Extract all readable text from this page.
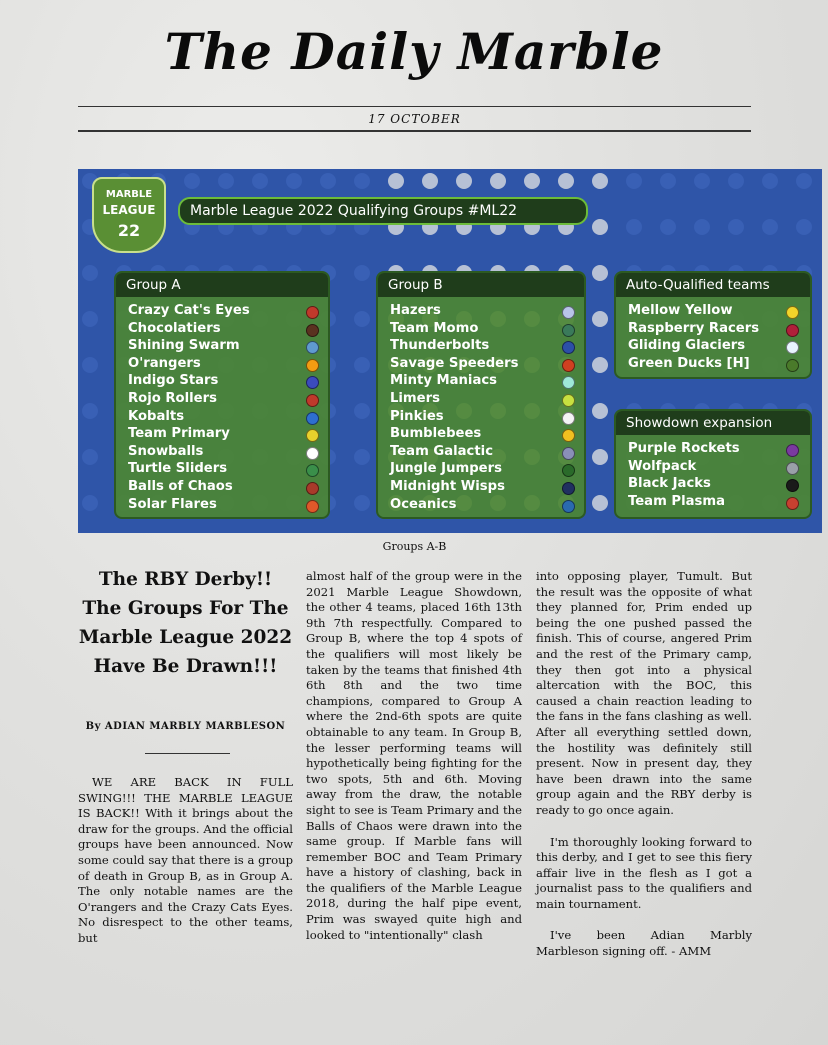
The Daily Marble
17 OCTOBER
MARBLE
LEAGUE
22
Marble League 2022 Qualifying Groups #ML22
Group A
Crazy Cat's Eyes
Chocolatiers
Shining Swarm
O'rangers
Indigo Stars
Rojo Rollers
Kobalts
Team Primary
Snowballs
Turtle Sliders
Balls of Chaos
Solar Flares
Group B
Hazers
Team Momo
Thunderbolts
Savage Speeders
Minty Maniacs
Limers
Pinkies
Bumblebees
Team Galactic
Jungle Jumpers
Midnight Wisps
Oceanics
Auto-Qualified teams
Mellow Yellow
Raspberry Racers
Gliding Glaciers
Green Ducks [H]
Showdown expansion
Purple Rockets
Wolfpack
Black Jacks
Team Plasma
Groups A-B
The RBY Derby!! The Groups For The Marble League 2022 Have Be Drawn!!!
By ADIAN MARBLY MARBLESON

WE ARE BACK IN FULL SWING!!! THE MARBLE LEAGUE IS BACK!! With it brings about the draw for the groups. And the official groups have been announced. Now some could say that there is a group of death in Group B, as in Group A. The only notable names are the O'rangers and the Crazy Cats Eyes. No disrespect to the other teams, but

almost half of the group were in the 2021 Marble League Showdown, the other 4 teams, placed 16th 13th 9th 7th respectfully. Compared to Group B, where the top 4 spots of the qualifiers will most likely be taken by the teams that finished 4th 6th 8th and the two time champions, compared to Group A where the 2nd-6th spots are quite obtainable to any team. In Group B, the lesser performing teams will hypothetically being fighting for the two spots, 5th and 6th. Moving away from the draw, the notable sight to see is Team Primary and the Balls of Chaos were drawn into the same group. If Marble fans will remember BOC and Team Primary have a history of clashing, back in the qualifiers of the Marble League 2018, during the half pipe event, Prim was swayed quite high and looked to "intentionally" clash

into opposing player, Tumult. But the result was the opposite of what they planned for, Prim ended up being the one pushed passed the finish. This of course, angered Prim and the rest of the Primary camp, they then got into a physical altercation with the BOC, this caused a chain reaction leading to the fans in the fans clashing as well. After all everything settled down, the hostility was definitely still present. Now in present day, they have been drawn into the same group again and the RBY derby is ready to go once again.

I'm thoroughly looking forward to this derby, and I get to see this fiery affair live in the flesh as I got a journalist pass to the qualifiers and main tournament.

I've been Adian Marbly Marbleson signing off. - AMM
